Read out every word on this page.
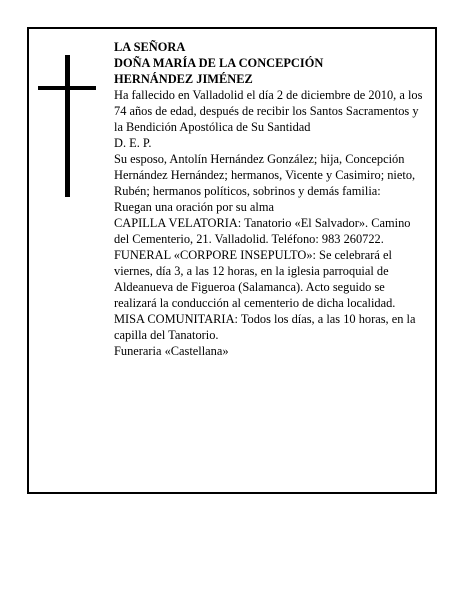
LA SEÑORA

DOÑA MARÍA DE LA CONCEPCIÓN

HERNÁNDEZ JIMÉNEZ

Ha fallecido en Valladolid el día 2 de diciembre de 2010, a los 74 años de edad, después de recibir los Santos Sacramentos y la Bendición Apostólica de Su Santidad

D. E. P.

Su esposo, Antolín Hernández González; hija, Concepción Hernández Hernández; hermanos, Vicente y Casimiro; nieto, Rubén; hermanos políticos, sobrinos y demás familia:

Ruegan una oración por su alma

CAPILLA VELATORIA: Tanatorio «El Salvador». Camino del Cementerio, 21. Valladolid. Teléfono: 983 260722.

FUNERAL «CORPORE INSEPULTO»: Se celebrará el viernes, día 3, a las 12 horas, en la iglesia parroquial de Aldeanueva de Figueroa (Salamanca). Acto seguido se realizará la conducción al cementerio de dicha localidad.

MISA COMUNITARIA: Todos los días, a las 10 horas, en la capilla del Tanatorio.

Funeraria «Castellana»
